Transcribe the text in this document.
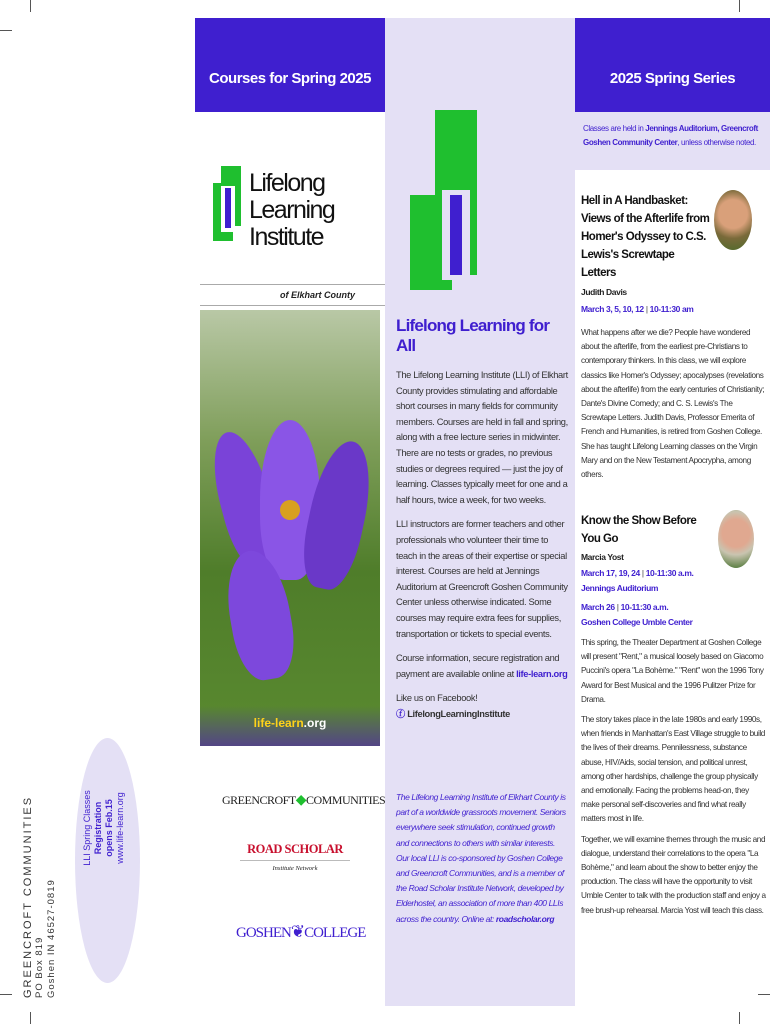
GREENCROFT COMMUNITIES PO Box 819 Goshen IN 46527-0819
LLI Spring Classes Registration opens Feb.15 www.life-learn.org
Courses for Spring 2025
Lifelong Learning
Institute
of Elkhart County
life-learn.org
GREENCROFT◆COMMUNITIES
ROAD SCHOLAR
Institute Network
GOSHEN❦COLLEGE
Lifelong Learning for All

The Lifelong Learning Institute (LLI) of Elkhart County provides stimulating and affordable short courses in many fields for community members. Courses are held in fall and spring, along with a free lecture series in midwinter. There are no tests or grades, no previous studies or degrees required — just the joy of learning. Classes typically meet for one and a half hours, twice a week, for two weeks.

LLI instructors are former teachers and other professionals who volunteer their time to teach in the areas of their expertise or special interest. Courses are held at Jennings Auditorium at Greencroft Goshen Community Center unless otherwise indicated. Some courses may require extra fees for supplies, transportation or tickets to special events.

Course information, secure registration and payment are available online at life-learn.org

Like us on Facebook!

ⓕ LifelongLearningInstitute

The Lifelong Learning Institute of Elkhart County is part of a worldwide grassroots movement. Seniors everywhere seek stimulation, continued growth and connections to others with similar interests. Our local LLI is co-sponsored by Goshen College and Greencroft Communities, and is a member of the Road Scholar Institute Network, developed by Elderhostel, an association of more than 400 LLIs across the country. Online at: roadscholar.org

2025 Spring Series
Classes are held in Jennings Auditorium, Greencroft Goshen Community Center, unless otherwise noted.
Hell in A Handbasket: Views of the Afterlife from Homer's Odyssey to C.S. Lewis's Screwtape Letters
Judith Davis
March 3, 5, 10, 12 | 10-11:30 am

What happens after we die? People have wondered about the afterlife, from the earliest pre-Christians to contemporary thinkers. In this class, we will explore classics like Homer's Odyssey; apocalypses (revelations about the afterlife) from the early centuries of Christianity; Dante's Divine Comedy; and C. S. Lewis's The Screwtape Letters. Judith Davis, Professor Emerita of French and Humanities, is retired from Goshen College. She has taught Lifelong Learning classes on the Virgin Mary and on the New Testament Apocrypha, among others.

Know the Show Before You Go
Marcia Yost
March 17, 19, 24 | 10-11:30 a.m.
Jennings Auditorium
March 26 | 10-11:30 a.m.
Goshen College Umble Center

This spring, the Theater Department at Goshen College will present "Rent," a musical loosely based on Giacomo Puccini's opera "La Bohème." "Rent" won the 1996 Tony Award for Best Musical and the 1996 Pulitzer Prize for Drama.

The story takes place in the late 1980s and early 1990s, when friends in Manhattan's East Village struggle to build the lives of their dreams. Pennilessness, substance abuse, HIV/Aids, social tension, and political unrest, among other hardships, challenge the group physically and emotionally. Facing the problems head-on, they make personal self-discoveries and find what really matters most in life.

Together, we will examine themes through the music and dialogue, understand their correlations to the opera "La Bohème," and learn about the show to better enjoy the production. The class will have the opportunity to visit Umble Center to talk with the production staff and enjoy a free brush-up rehearsal. Marcia Yost will teach this class.
